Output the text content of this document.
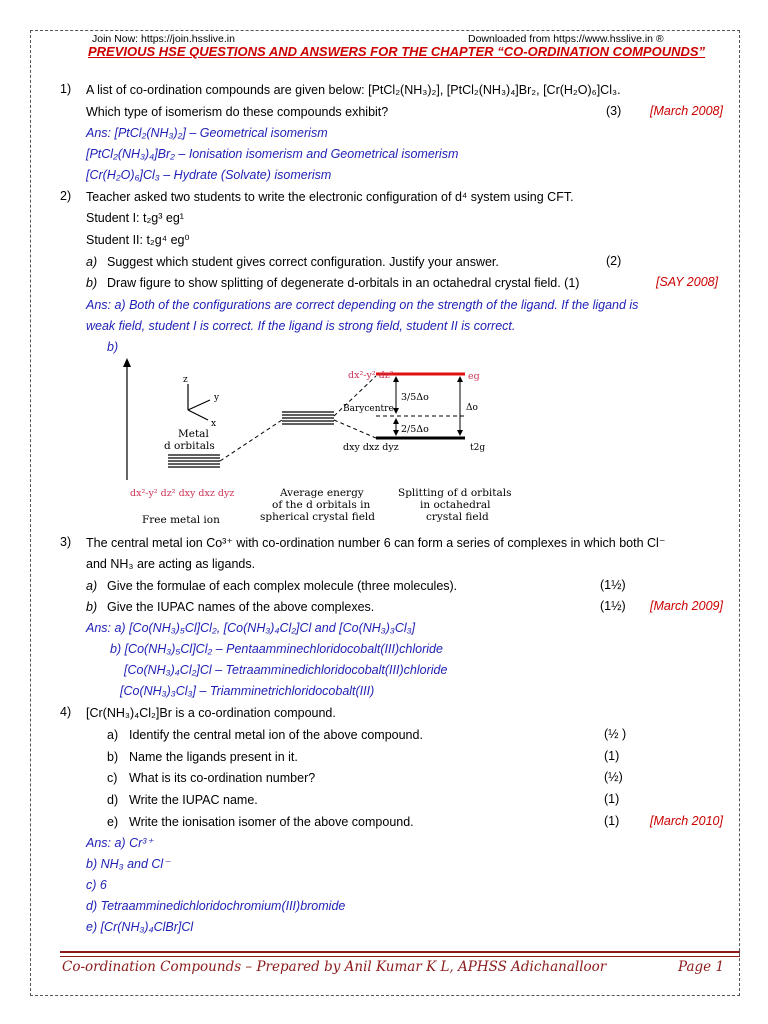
Join Now: https://join.hsslive.in	Downloaded from https://www.hsslive.in ®
PREVIOUS HSE QUESTIONS AND ANSWERS FOR THE CHAPTER “CO-ORDINATION COMPOUNDS”
1) A list of co-ordination compounds are given below: [PtCl₂(NH₃)₂], [PtCl₂(NH₃)₄]Br₂, [Cr(H₂O)₆]Cl₃.
Which type of isomerism do these compounds exhibit?	(3) [March 2008]
Ans: [PtCl₂(NH₃)₂] – Geometrical isomerism
[PtCl₂(NH₃)₄]Br₂ – Ionisation isomerism and Geometrical isomerism
[Cr(H₂O)₆]Cl₃ – Hydrate (Solvate) isomerism
2) Teacher asked two students to write the electronic configuration of d⁴ system using CFT.
Student I: t₂g³ eg¹
Student II: t₂g⁴ eg⁰
a) Suggest which student gives correct configuration. Justify your answer.	(2)
b) Draw figure to show splitting of degenerate d-orbitals in an octahedral crystal field. (1)	[SAY 2008]
Ans: a) Both of the configurations are correct depending on the strength of the ligand. If the ligand is
weak field, student I is correct. If the ligand is strong field, student II is correct.
b)
z
y
x
Metal
d orbitals
dx²-y² dz² dxy dxz dyz
Free metal ion
Average energy
of the d orbitals in
spherical crystal field
Barycentre
dx²-y² dz²	eg
dxy dxz dyz	t2g
3/5Δo
2/5Δo
Δo
Splitting of d orbitals
in octahedral
crystal field
3) The central metal ion Co³⁺ with co-ordination number 6 can form a series of complexes in which both Cl⁻
and NH₃ are acting as ligands.
a) Give the formulae of each complex molecule (three molecules).	(1½)
b) Give the IUPAC names of the above complexes.	(1½) [March 2009]
Ans: a) [Co(NH₃)₅Cl]Cl₂, [Co(NH₃)₄Cl₂]Cl and [Co(NH₃)₃Cl₃]
b) [Co(NH₃)₅Cl]Cl₂ – Pentaamminechloridocobalt(III)chloride
[Co(NH₃)₄Cl₂]Cl – Tetraamminedichloridocobalt(III)chloride
[Co(NH₃)₃Cl₃] – Triamminetrichloridocobalt(III)
4) [Cr(NH₃)₄Cl₂]Br is a co-ordination compound.
a) Identify the central metal ion of the above compound.	(½ )
b) Name the ligands present in it.	(1)
c) What is its co-ordination number?	(½)
d) Write the IUPAC name.	(1)
e) Write the ionisation isomer of the above compound.	(1) [March 2010]
Ans: a) Cr³⁺
b) NH₃ and Cl⁻
c) 6
d) Tetraamminedichloridochromium(III)bromide
e) [Cr(NH₃)₄ClBr]Cl
Co-ordination Compounds – Prepared by Anil Kumar K L, APHSS Adichanalloor	Page 1
